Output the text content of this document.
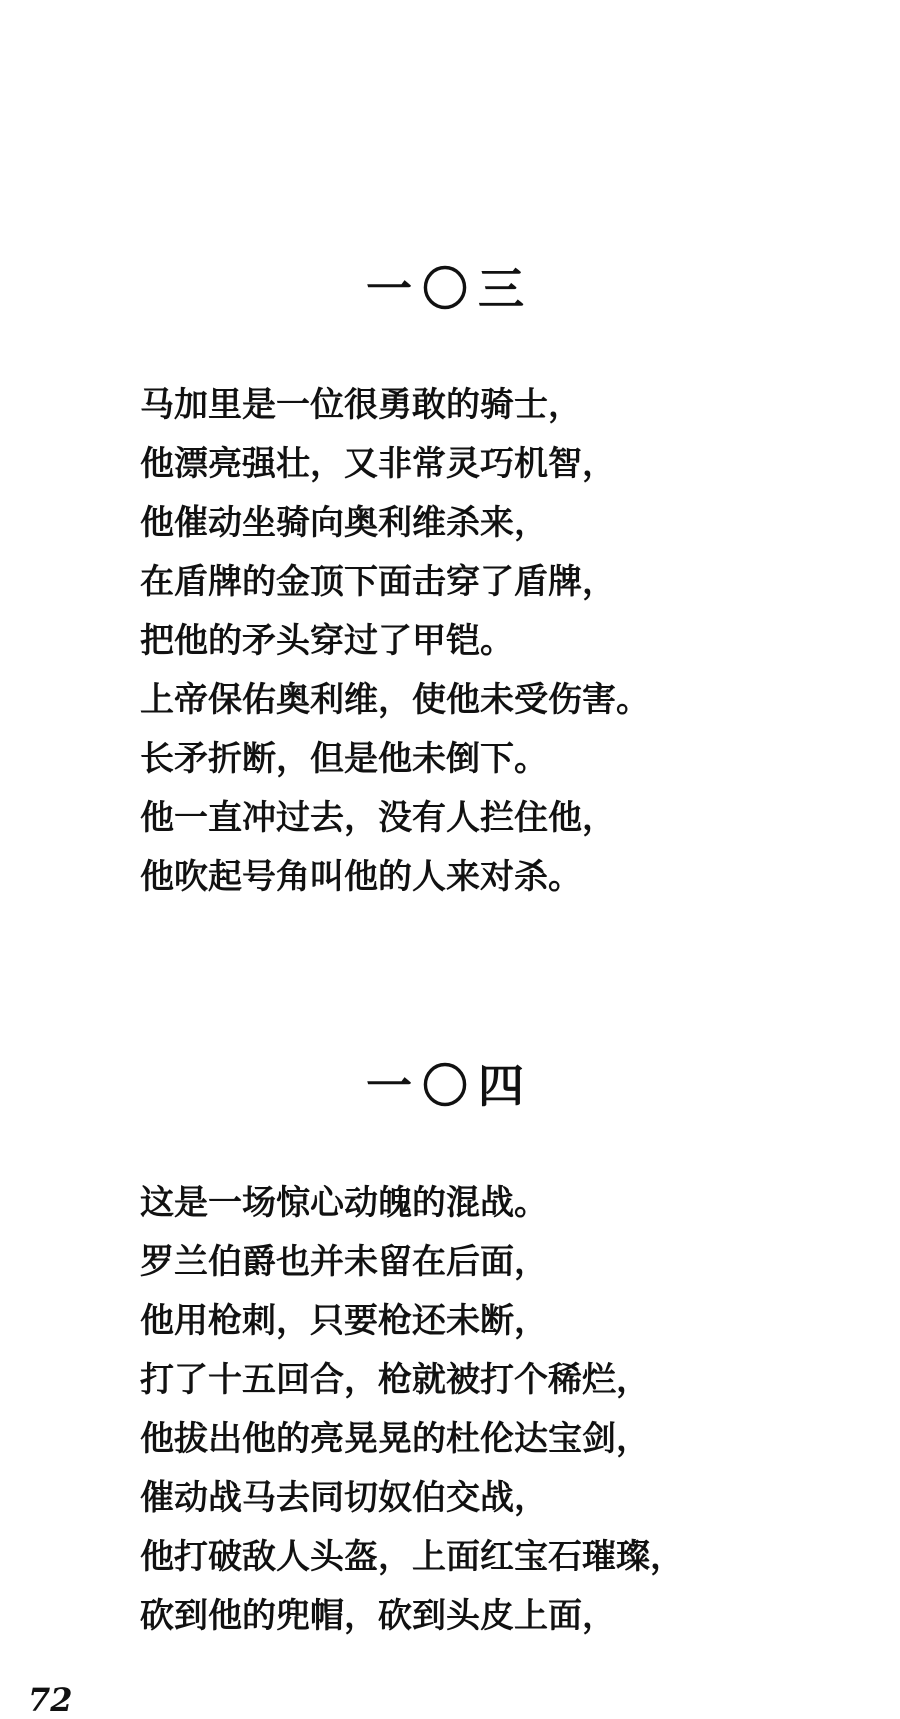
一〇三
马加里是一位很勇敢的骑士，
他漂亮强壮，又非常灵巧机智，
他催动坐骑向奥利维杀来，
在盾牌的金顶下面击穿了盾牌，
把他的矛头穿过了甲铠。
上帝保佑奥利维，使他未受伤害。
长矛折断，但是他未倒下。
他一直冲过去，没有人拦住他，
他吹起号角叫他的人来对杀。
一〇四
这是一场惊心动魄的混战。
罗兰伯爵也并未留在后面，
他用枪刺，只要枪还未断，
打了十五回合，枪就被打个稀烂，
他拔出他的亮晃晃的杜伦达宝剑，
催动战马去同切奴伯交战，
他打破敌人头盔，上面红宝石璀璨，
砍到他的兜帽，砍到头皮上面，
72
